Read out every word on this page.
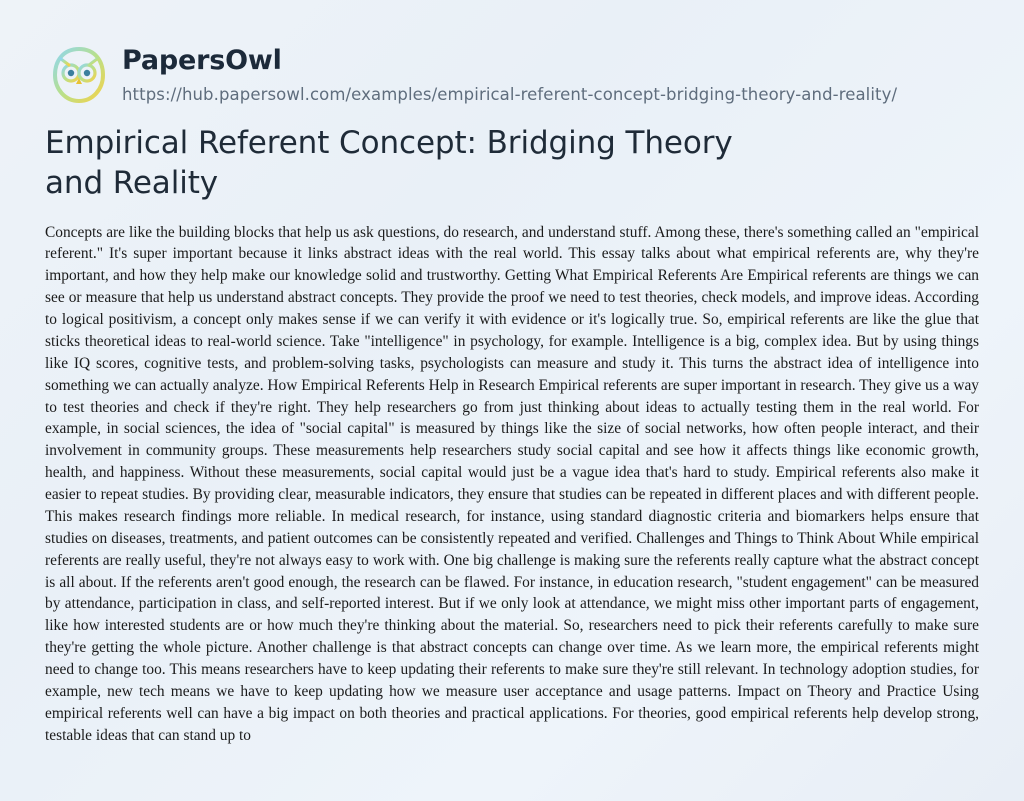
PapersOwl
https://hub.papersowl.com/examples/empirical-referent-concept-bridging-theory-and-reality/
Empirical Referent Concept: Bridging Theory and Reality

Concepts are like the building blocks that help us ask questions, do research, and understand stuff. Among these, there's something called an "empirical referent." It's super important because it links abstract ideas with the real world. This essay talks about what empirical referents are, why they're important, and how they help make our knowledge solid and trustworthy. Getting What Empirical Referents Are Empirical referents are things we can see or measure that help us understand abstract concepts. They provide the proof we need to test theories, check models, and improve ideas. According to logical positivism, a concept only makes sense if we can verify it with evidence or it's logically true. So, empirical referents are like the glue that sticks theoretical ideas to real-world science. Take "intelligence" in psychology, for example. Intelligence is a big, complex idea. But by using things like IQ scores, cognitive tests, and problem-solving tasks, psychologists can measure and study it. This turns the abstract idea of intelligence into something we can actually analyze. How Empirical Referents Help in Research Empirical referents are super important in research. They give us a way to test theories and check if they're right. They help researchers go from just thinking about ideas to actually testing them in the real world. For example, in social sciences, the idea of "social capital" is measured by things like the size of social networks, how often people interact, and their involvement in community groups. These measurements help researchers study social capital and see how it affects things like economic growth, health, and happiness. Without these measurements, social capital would just be a vague idea that's hard to study. Empirical referents also make it easier to repeat studies. By providing clear, measurable indicators, they ensure that studies can be repeated in different places and with different people. This makes research findings more reliable. In medical research, for instance, using standard diagnostic criteria and biomarkers helps ensure that studies on diseases, treatments, and patient outcomes can be consistently repeated and verified. Challenges and Things to Think About While empirical referents are really useful, they're not always easy to work with. One big challenge is making sure the referents really capture what the abstract concept is all about. If the referents aren't good enough, the research can be flawed. For instance, in education research, "student engagement" can be measured by attendance, participation in class, and self-reported interest. But if we only look at attendance, we might miss other important parts of engagement, like how interested students are or how much they're thinking about the material. So, researchers need to pick their referents carefully to make sure they're getting the whole picture. Another challenge is that abstract concepts can change over time. As we learn more, the empirical referents might need to change too. This means researchers have to keep updating their referents to make sure they're still relevant. In technology adoption studies, for example, new tech means we have to keep updating how we measure user acceptance and usage patterns. Impact on Theory and Practice Using empirical referents well can have a big impact on both theories and practical applications. For theories, good empirical referents help develop strong, testable ideas that can stand up to
